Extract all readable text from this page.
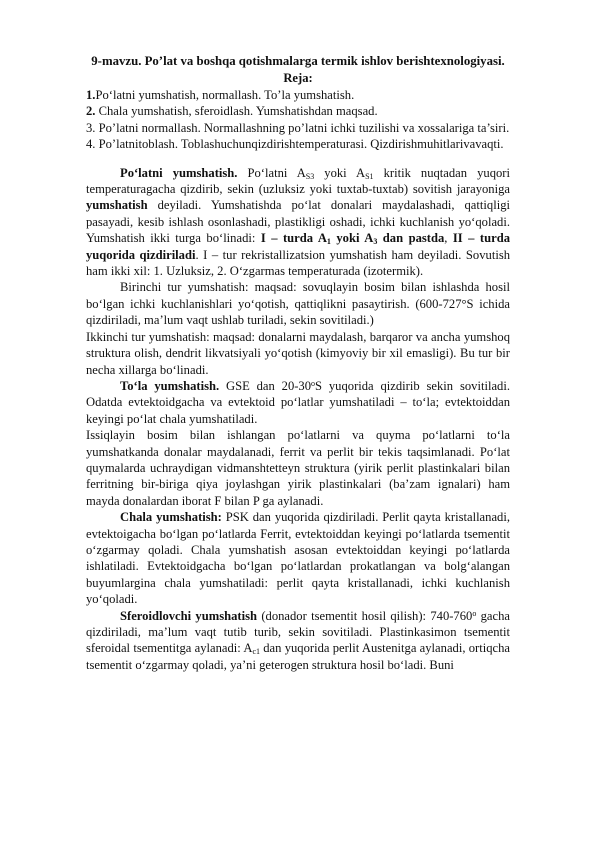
9-mavzu. Po’lat va boshqa qotishmalarga termik ishlov berishtexnologiyasi.
Reja:
1.Po‘latni yumshatish, normallash. To’la yumshatish.
2. Chala yumshatish, sferoidlash. Yumshatishdan maqsad.
3. Po’latni normallash. Normallashning po’latni ichki tuzilishi va xossalariga ta’siri.
4. Po’latnitoblash. Toblashuchunqizdirishtemperaturasi. Qizdirishmuhitlarivavaqti.
Po‘latni yumshatish. Po‘latni $A_{S3}$ yoki $A_{S1}$ kritik nuqtadan yuqori temperaturagacha qizdirib, sekin (uzluksiz yoki tuxtab-tuxtab) sovitish jarayoniga yumshatish deyiladi. Yumshatishda po‘lat donalari maydalashadi, qattiqligi pasayadi, kesib ishlash osonlashadi, plastikligi oshadi, ichki kuchlanish yo‘qoladi. Yumshatish ikki turga bo‘linadi: I – turda $A_1$ yoki $A_3$ dan pastda, II – turda yuqorida qizdiriladi. I – tur rekristallizatsion yumshatish ham deyiladi. Sovutish ham ikki xil: 1. Uzluksiz, 2. O‘zgarmas temperaturada (izotermik).
Birinchi tur yumshatish: maqsad: sovuqlayin bosim bilan ishlashda hosil bo‘lgan ichki kuchlanishlari yo‘qotish, qattiqlikni pasaytirish. (600-727°S ichida qizdiriladi, ma’lum vaqt ushlab turiladi, sekin sovitiladi.)
Ikkinchi tur yumshatish: maqsad: donalarni maydalash, barqaror va ancha yumshoq struktura olish, dendrit likvatsiyali yo‘qotish (kimyoviy bir xil emasligi). Bu tur bir necha xillarga bo‘linadi.
To‘la yumshatish. GSE dan 20-30$^o$S yuqorida qizdirib sekin sovitiladi. Odatda evtektoidgacha va evtektoid po‘latlar yumshatiladi – to‘la; evtektoiddan keyingi po‘lat chala yumshatiladi.
Issiqlayin bosim bilan ishlangan po‘latlarni va quyma po‘latlarni to‘la yumshatkanda donalar maydalanadi, ferrit va perlit bir tekis taqsimlanadi. Po‘lat quymalarda uchraydigan vidmanshtetteyn struktura (yirik perlit plastinkalari bilan ferritning bir-biriga qiya joylashgan yirik plastinkalari (ba’zam ignalari) ham mayda donalardan iborat F bilan P ga aylanadi.
Chala yumshatish: PSK dan yuqorida qizdiriladi. Perlit qayta kristallanadi, evtektoigacha bo‘lgan po‘latlarda Ferrit, evtektoiddan keyingi po‘latlarda tsementit o‘zgarmay qoladi. Chala yumshatish asosan evtektoiddan keyingi po‘latlarda ishlatiladi. Evtektoidgacha bo‘lgan po‘latlardan prokatlangan va bolg‘alangan buyumlargina chala yumshatiladi: perlit qayta kristallanadi, ichki kuchlanish yo‘qoladi.
Sferoidlovchi yumshatish (donador tsementit hosil qilish): 740-760$^o$ gacha qizdiriladi, ma’lum vaqt tutib turib, sekin sovitiladi. Plastinkasimon tsementit sferoidal tsementitga aylanadi: $A_{c1}$ dan yuqorida perlit Austenitga aylanadi, ortiqcha tsementit o‘zgarmay qoladi, ya’ni geterogen struktura hosil bo‘ladi. Buni
